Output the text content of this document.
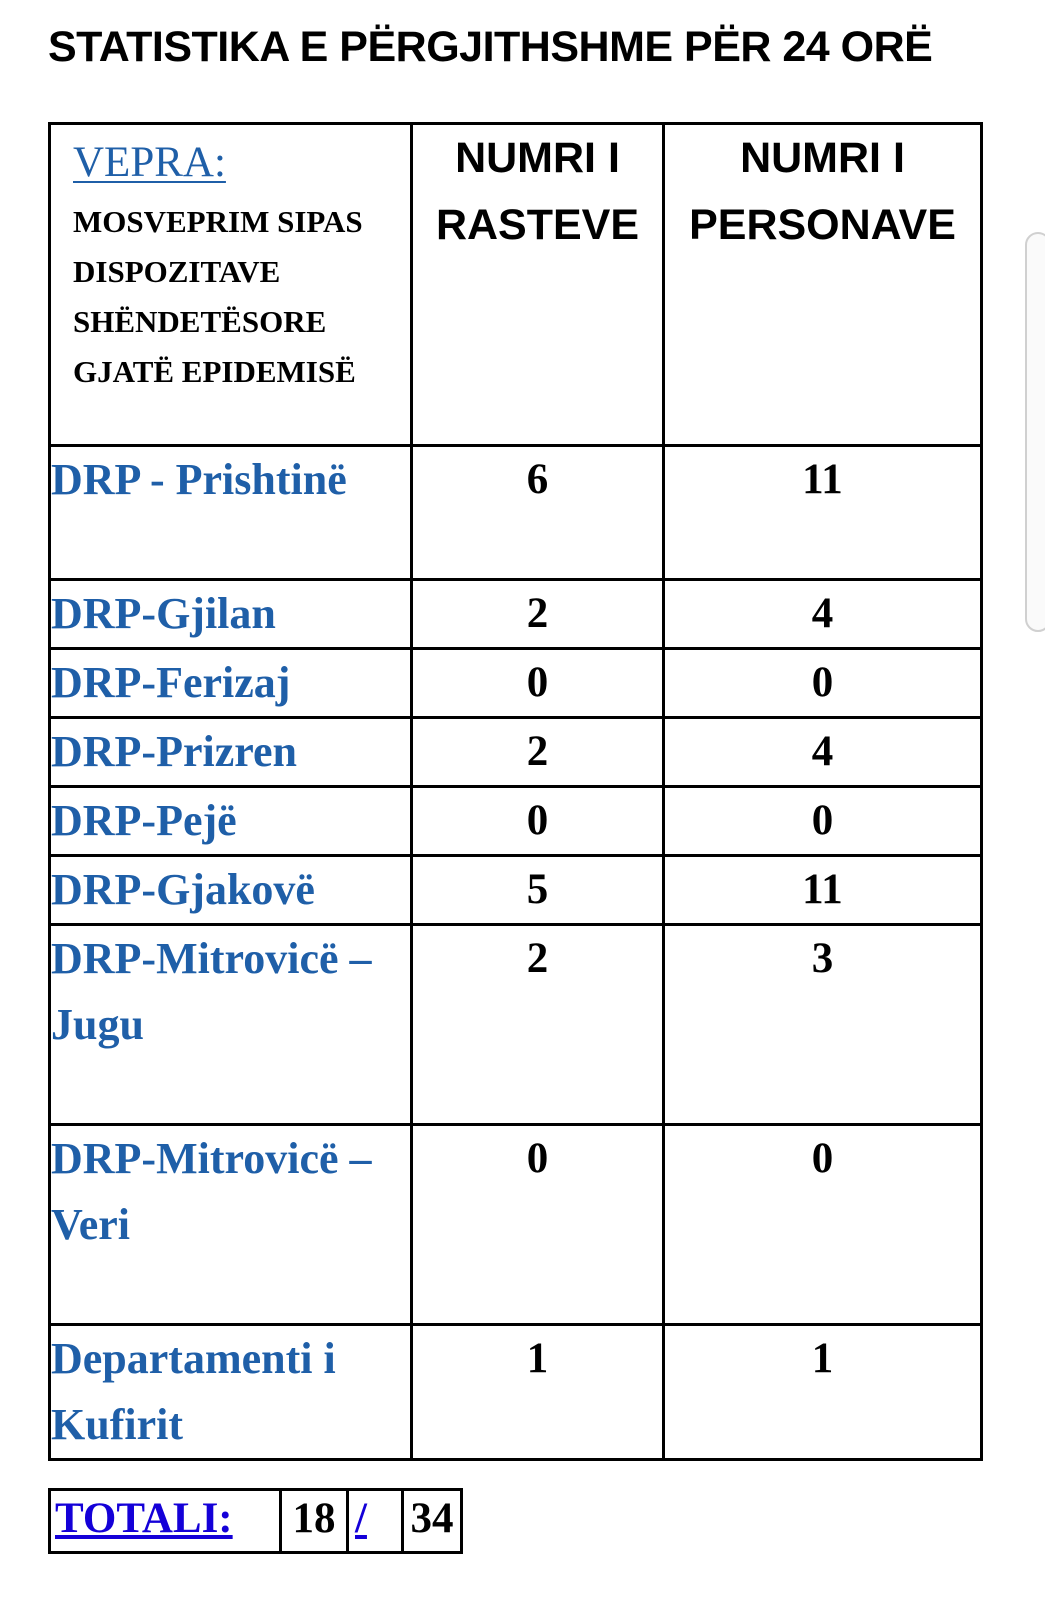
STATISTIKA E PËRGJITHSHME PËR 24 ORË
VEPRA:
MOSVEPRIM SIPAS DISPOZITAVE SHËNDETËSORE GJATË EPIDEMISË	NUMRI I RASTEVE	NUMRI I PERSONAVE
DRP - Prishtinë	6	11
DRP-Gjilan	2	4
DRP-Ferizaj	0	0
DRP-Prizren	2	4
DRP-Pejë	0	0
DRP-Gjakovë	5	11
DRP-Mitrovicë – Jugu	2	3
DRP-Mitrovicë – Veri	0	0
Departamenti i Kufirit	1	1
TOTALI:	18 /	34
